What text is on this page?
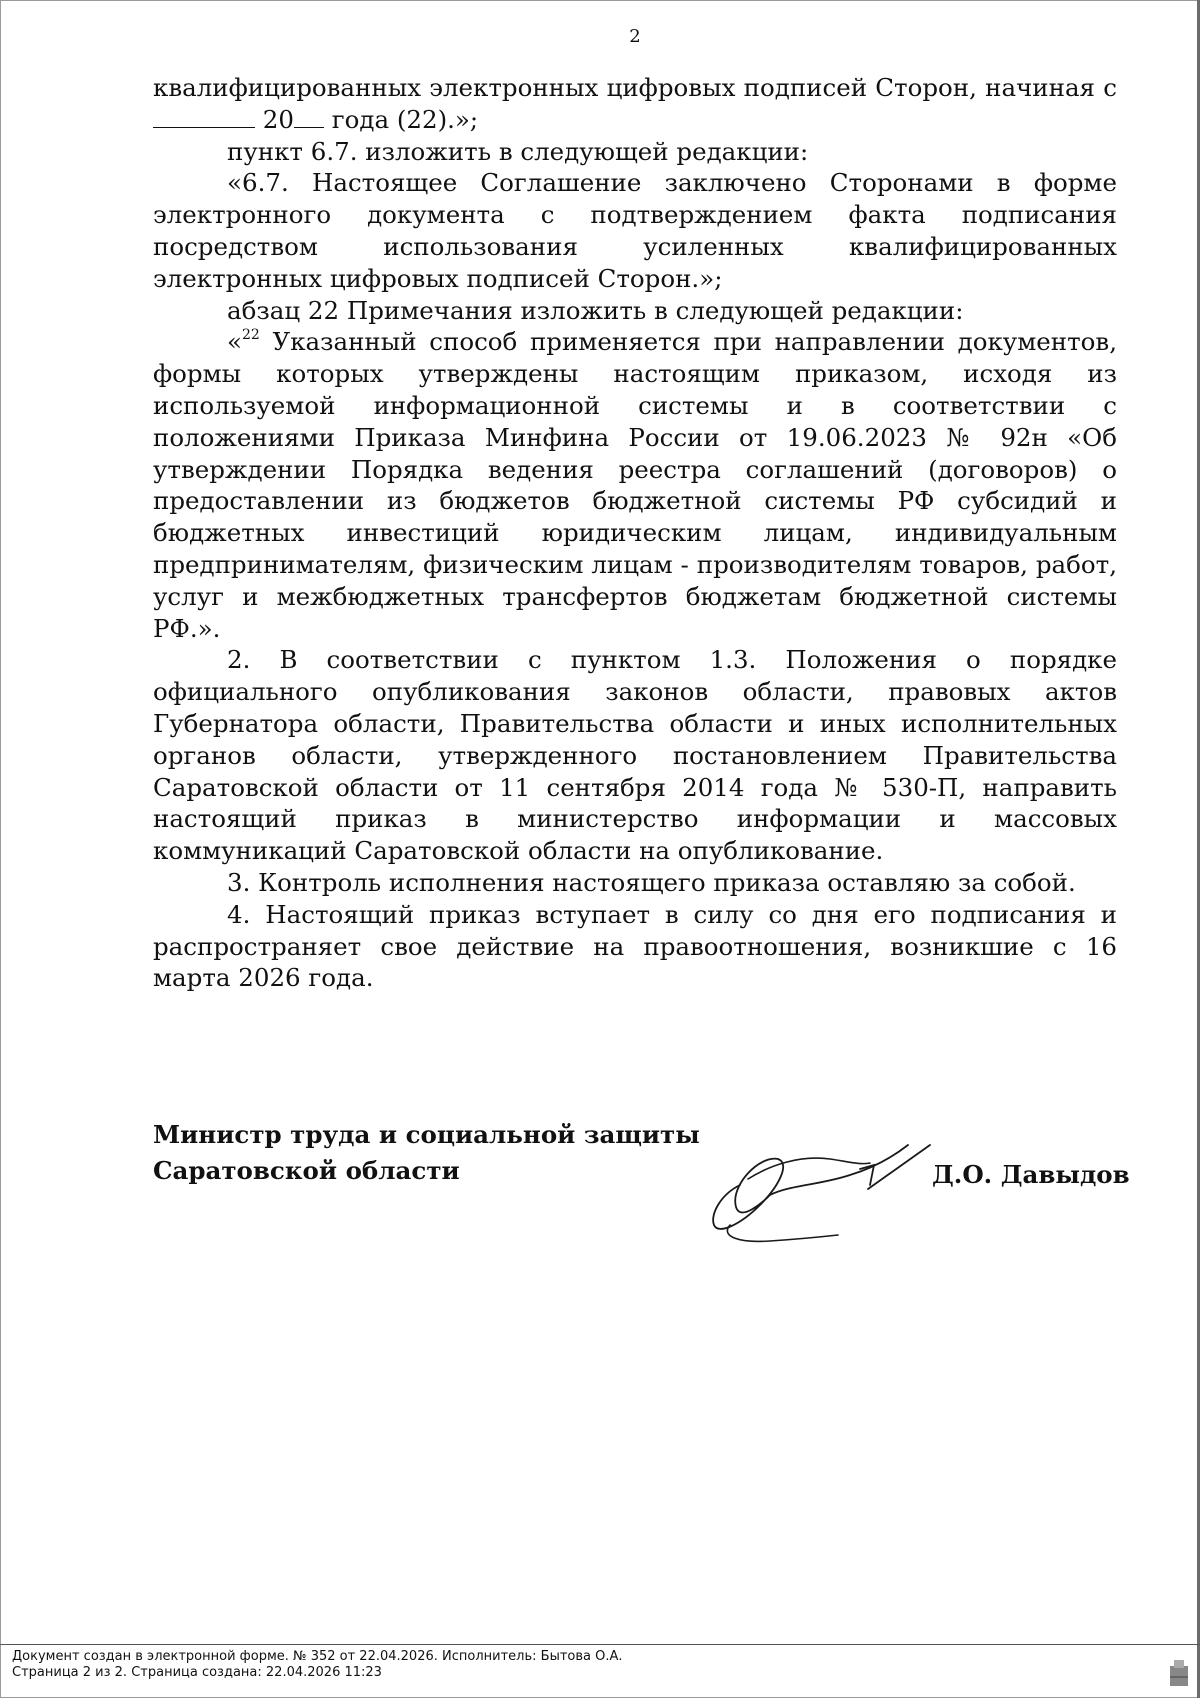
2

квалифицированных электронных цифровых подписей Сторон, начиная с  20 года (22).»;

пункт 6.7. изложить в следующей редакции:

«6.7. Настоящее Соглашение заключено Сторонами в форме электронного документа с подтверждением факта подписания посредством использования усиленных квалифицированных электронных цифровых подписей Сторон.»;

абзац 22 Примечания изложить в следующей редакции:

«$^{22}$ Указанный способ применяется при направлении документов, формы которых утверждены настоящим приказом, исходя из используемой информационной системы и в соответствии с положениями Приказа Минфина России от 19.06.2023 № 92н «Об утверждении Порядка ведения реестра соглашений (договоров) о предоставлении из бюджетов бюджетной системы РФ субсидий и бюджетных инвестиций юридическим лицам, индивидуальным предпринимателям, физическим лицам - производителям товаров, работ, услуг и межбюджетных трансфертов бюджетам бюджетной системы РФ.».

2. В соответствии с пунктом 1.3. Положения о порядке официального опубликования законов области, правовых актов Губернатора области, Правительства области и иных исполнительных органов области, утвержденного постановлением Правительства Саратовской области от 11 сентября 2014 года № 530-П, направить настоящий приказ в министерство информации и массовых коммуникаций Саратовской области на опубликование.

3. Контроль исполнения настоящего приказа оставляю за собой.

4. Настоящий приказ вступает в силу со дня его подписания и распространяет свое действие на правоотношения, возникшие с 16 марта 2026 года.

Министр труда и социальной защиты
Саратовской области	Д.О. Давыдов
Документ создан в электронной форме. № 352 от 22.04.2026. Исполнитель: Бытова О.А.
Страница 2 из 2. Страница создана: 22.04.2026 11:23
